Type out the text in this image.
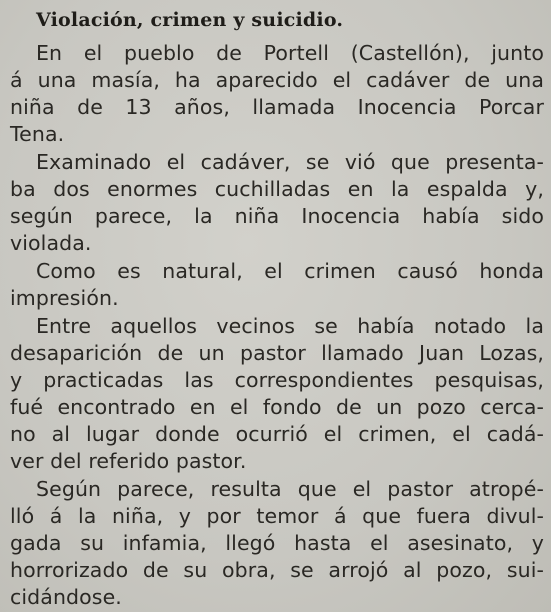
Violación, crimen y suicidio.
En el pueblo de Portell (Castellón), junto
á una masía, ha aparecido el cadáver de una
niña de 13 años, llamada Inocencia Porcar
Tena.
Examinado el cadáver, se vió que presenta-
ba dos enormes cuchilladas en la espalda y,
según parece, la niña Inocencia había sido
violada.
Como es natural, el crimen causó honda
impresión.
Entre aquellos vecinos se había notado la
desaparición de un pastor llamado Juan Lozas,
y practicadas las correspondientes pesquisas,
fué encontrado en el fondo de un pozo cerca-
no al lugar donde ocurrió el crimen, el cadá-
ver del referido pastor.
Según parece, resulta que el pastor atropé-
lló á la niña, y por temor á que fuera divul-
gada su infamia, llegó hasta el asesinato, y
horrorizado de su obra, se arrojó al pozo, sui-
cidándose.
